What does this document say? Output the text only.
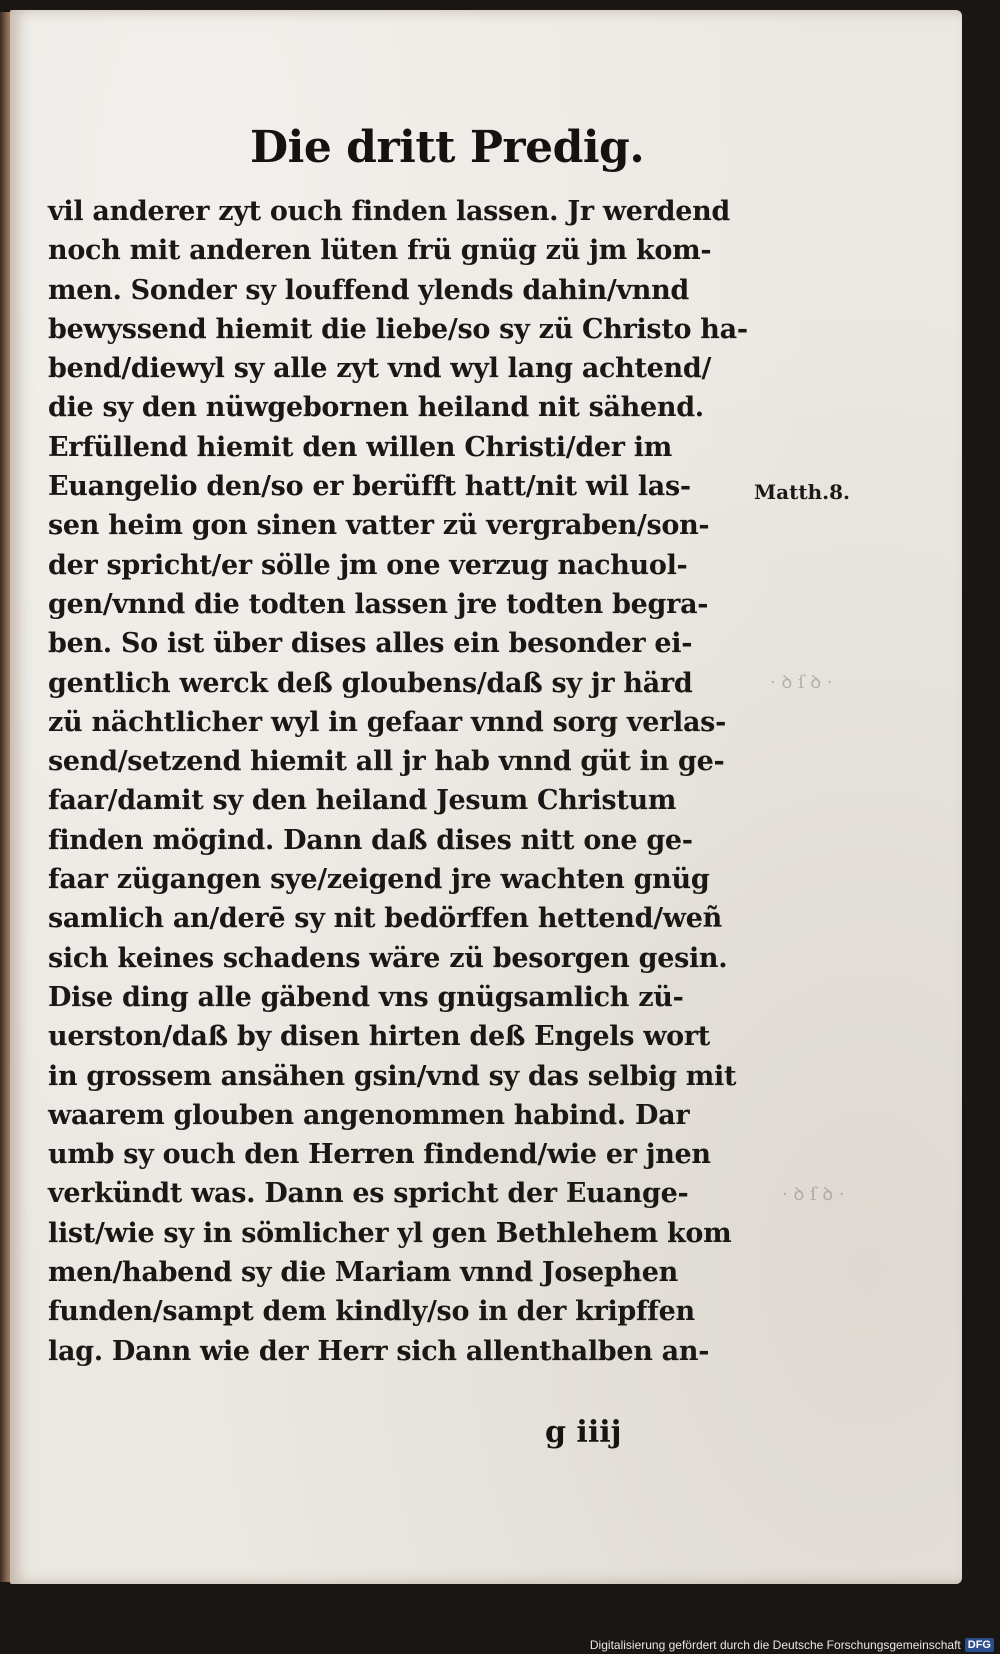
Die dritt Predig.
vil anderer zyt ouch finden lassen. Jr werdend
noch mit anderen lüten frü gnüg zü jm kom-
men. Sonder sy louffend ylends dahin/vnnd
bewyssend hiemit die liebe/so sy zü Christo ha-
bend/diewyl sy alle zyt vnd wyl lang achtend/
die sy den nüwgebornen heiland nit sähend.
Erfüllend hiemit den willen Christi/der im
Euangelio den/so er berüfft hatt/nit wil las-
sen heim gon sinen vatter zü vergraben/son-
der spricht/er sölle jm one verzug nachuol-
gen/vnnd die todten lassen jre todten begra-
ben. So ist über dises alles ein besonder ei-
gentlich werck deß gloubens/daß sy jr härd
zü nächtlicher wyl in gefaar vnnd sorg verlas-
send/setzend hiemit all jr hab vnnd güt in ge-
faar/damit sy den heiland Jesum Christum
finden mögind. Dann daß dises nitt one ge-
faar zügangen sye/zeigend jre wachten gnüg
samlich an/derē sy nit bedörffen hettend/weñ
sich keines schadens wäre zü besorgen gesin.
Dise ding alle gäbend vns gnügsamlich zü-
uerston/daß by disen hirten deß Engels wort
in grossem ansähen gsin/vnd sy das selbig mit
waarem glouben angenommen habind. Dar
umb sy ouch den Herren findend/wie er jnen
verkündt was. Dann es spricht der Euange-
list/wie sy in sömlicher yl gen Bethlehem kom
men/habend sy die Mariam vnnd Josephen
funden/sampt dem kindly/so in der kripffen
lag. Dann wie der Herr sich allenthalben an-
Matth.8.
· ꝺ ſ ꝺ ·
· ꝺ ſ ꝺ ·
g iiij
Digitalisierung gefördert durch die Deutsche Forschungsgemeinschaft DFG
